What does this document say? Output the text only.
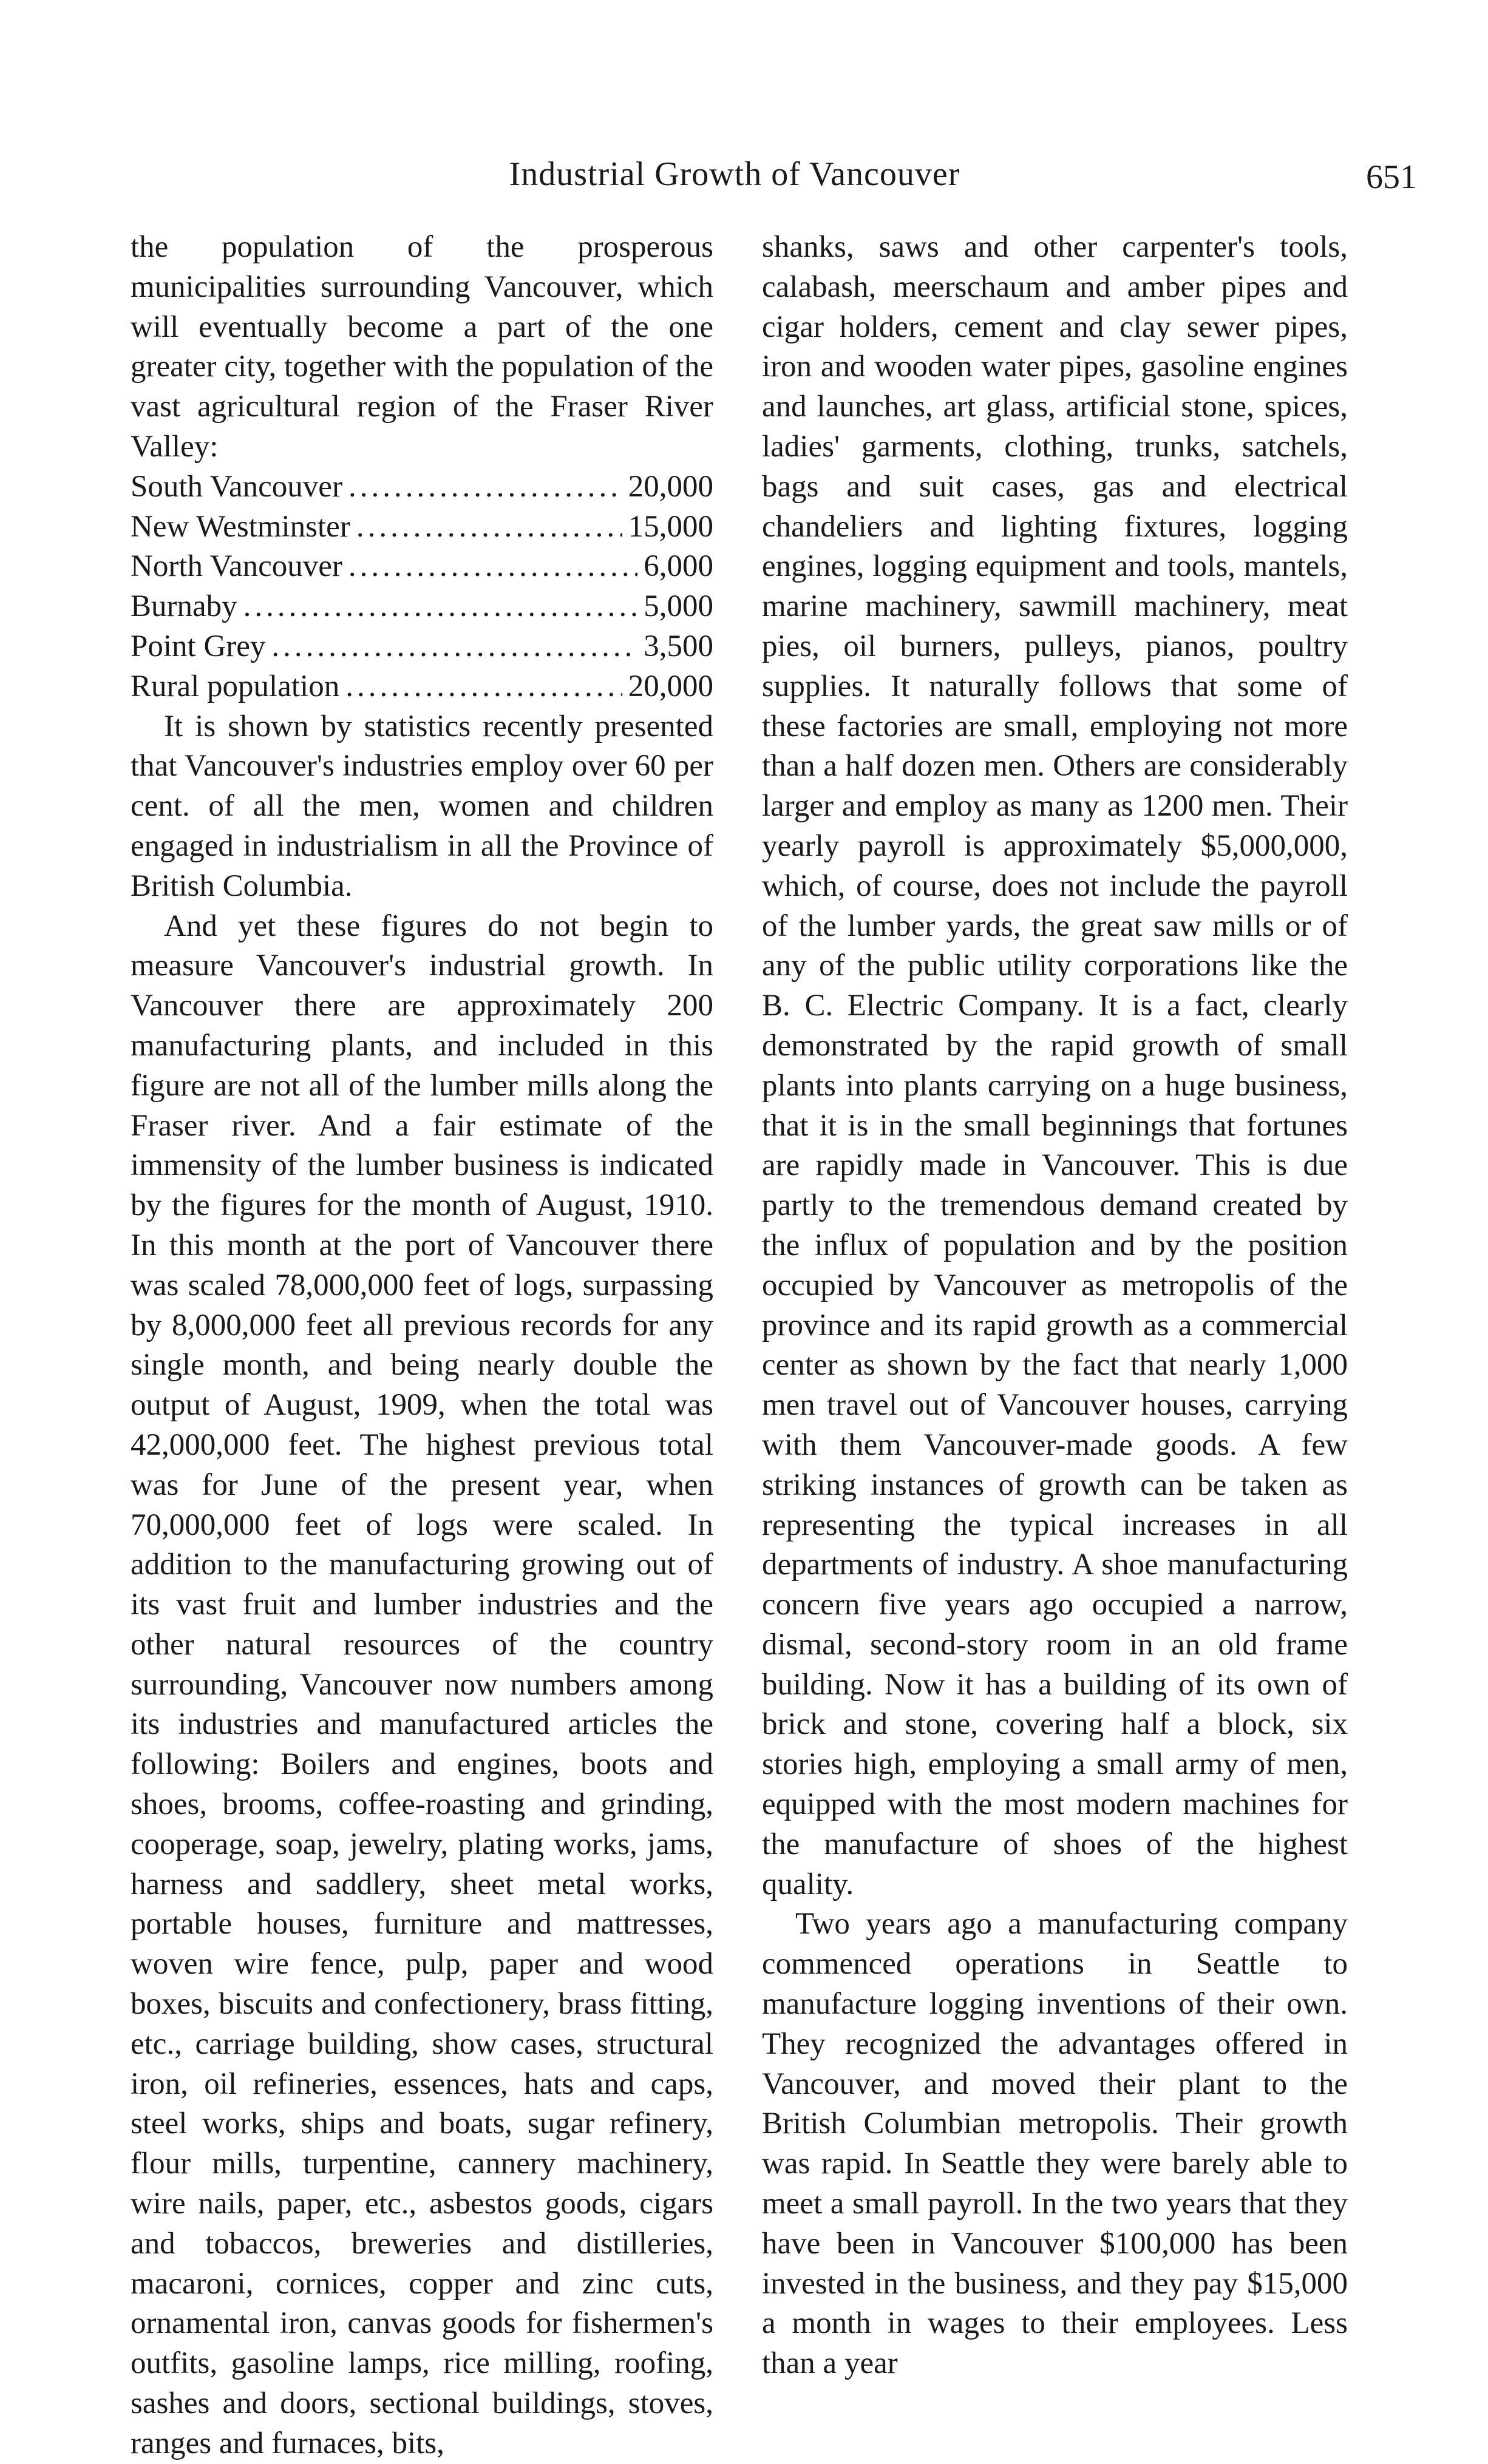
Industrial Growth of Vancouver	651

the population of the prosperous municipalities surrounding Vancouver, which will eventually become a part of the one greater city, together with the population of the vast agricultural region of the Fraser River Valley:

South Vancouver .....	20,000
New Westminster .....	15,000
North Vancouver .....	6,000
Burnaby .....	5,000
Point Grey .....	3,500
Rural population .....	20,000

It is shown by statistics recently presented that Vancouver's industries employ over 60 per cent. of all the men, women and children engaged in industrialism in all the Province of British Columbia.

And yet these figures do not begin to measure Vancouver's industrial growth. In Vancouver there are approximately 200 manufacturing plants, and included in this figure are not all of the lumber mills along the Fraser river. And a fair estimate of the immensity of the lumber business is indicated by the figures for the month of August, 1910. In this month at the port of Vancouver there was scaled 78,000,000 feet of logs, surpassing by 8,000,000 feet all previous records for any single month, and being nearly double the output of August, 1909, when the total was 42,000,000 feet. The highest previous total was for June of the present year, when 70,000,000 feet of logs were scaled. In addition to the manufacturing growing out of its vast fruit and lumber industries and the other natural resources of the country surrounding, Vancouver now numbers among its industries and manufactured articles the following: Boilers and engines, boots and shoes, brooms, coffee-roasting and grinding, cooperage, soap, jewelry, plating works, jams, harness and saddlery, sheet metal works, portable houses, furniture and mattresses, woven wire fence, pulp, paper and wood boxes, biscuits and confectionery, brass fitting, etc., carriage building, show cases, structural iron, oil refineries, essences, hats and caps, steel works, ships and boats, sugar refinery, flour mills, turpentine, cannery machinery, wire nails, paper, etc., asbestos goods, cigars and tobaccos, breweries and distilleries, macaroni, cornices, copper and zinc cuts, ornamental iron, canvas goods for fishermen's outfits, gasoline lamps, rice milling, roofing, sashes and doors, sectional buildings, stoves, ranges and furnaces, bits,

shanks, saws and other carpenter's tools, calabash, meerschaum and amber pipes and cigar holders, cement and clay sewer pipes, iron and wooden water pipes, gasoline engines and launches, art glass, artificial stone, spices, ladies' garments, clothing, trunks, satchels, bags and suit cases, gas and electrical chandeliers and lighting fixtures, logging engines, logging equipment and tools, mantels, marine machinery, sawmill machinery, meat pies, oil burners, pulleys, pianos, poultry supplies. It naturally follows that some of these factories are small, employing not more than a half dozen men. Others are considerably larger and employ as many as 1200 men. Their yearly payroll is approximately $5,000,000, which, of course, does not include the payroll of the lumber yards, the great saw mills or of any of the public utility corporations like the B. C. Electric Company. It is a fact, clearly demonstrated by the rapid growth of small plants into plants carrying on a huge business, that it is in the small beginnings that fortunes are rapidly made in Vancouver. This is due partly to the tremendous demand created by the influx of population and by the position occupied by Vancouver as metropolis of the province and its rapid growth as a commercial center as shown by the fact that nearly 1,000 men travel out of Vancouver houses, carrying with them Vancouver-made goods. A few striking instances of growth can be taken as representing the typical increases in all departments of industry. A shoe manufacturing concern five years ago occupied a narrow, dismal, second-story room in an old frame building. Now it has a building of its own of brick and stone, covering half a block, six stories high, employing a small army of men, equipped with the most modern machines for the manufacture of shoes of the highest quality.

Two years ago a manufacturing company commenced operations in Seattle to manufacture logging inventions of their own. They recognized the advantages offered in Vancouver, and moved their plant to the British Columbian metropolis. Their growth was rapid. In Seattle they were barely able to meet a small payroll. In the two years that they have been in Vancouver $100,000 has been invested in the business, and they pay $15,000 a month in wages to their employees. Less than a year
